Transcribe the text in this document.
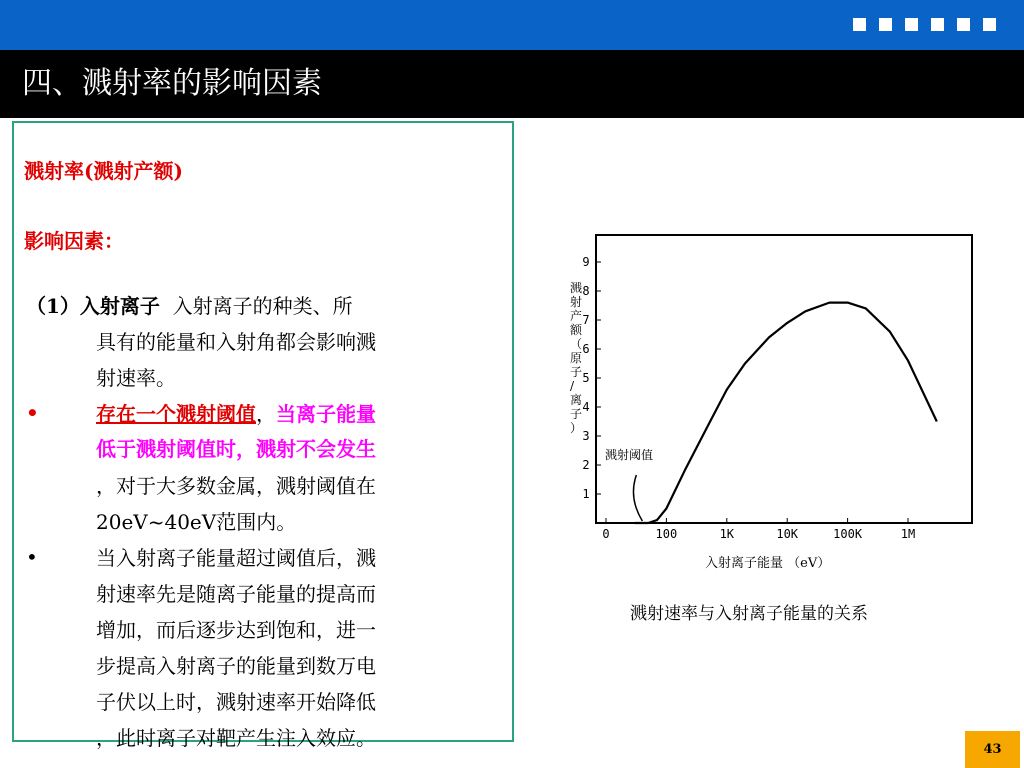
四、溅射率的影响因素
溅射率(溅射产额)
影响因素：
（1）入射离子 入射离子的种类、所
具有的能量和入射角都会影响溅
射速率。
•	存在一个溅射阈值，当离子能量
低于溅射阈值时，溅射不会发生
，对于大多数金属，溅射阈值在
20eV~40eV范围内。
•	当入射离子能量超过阈值后，溅
射速率先是随离子能量的提高而
增加，而后逐步达到饱和，进一
步提高入射离子的能量到数万电
子伏以上时，溅射速率开始降低
，此时离子对靶产生注入效应。
溅射产额（原子/离子）
入射离子能量 （eV）
1
2
3
4
5
6
7
8
9
0	100	1K	10K	100K	1M
溅射阈值
溅射速率与入射离子能量的关系
43
